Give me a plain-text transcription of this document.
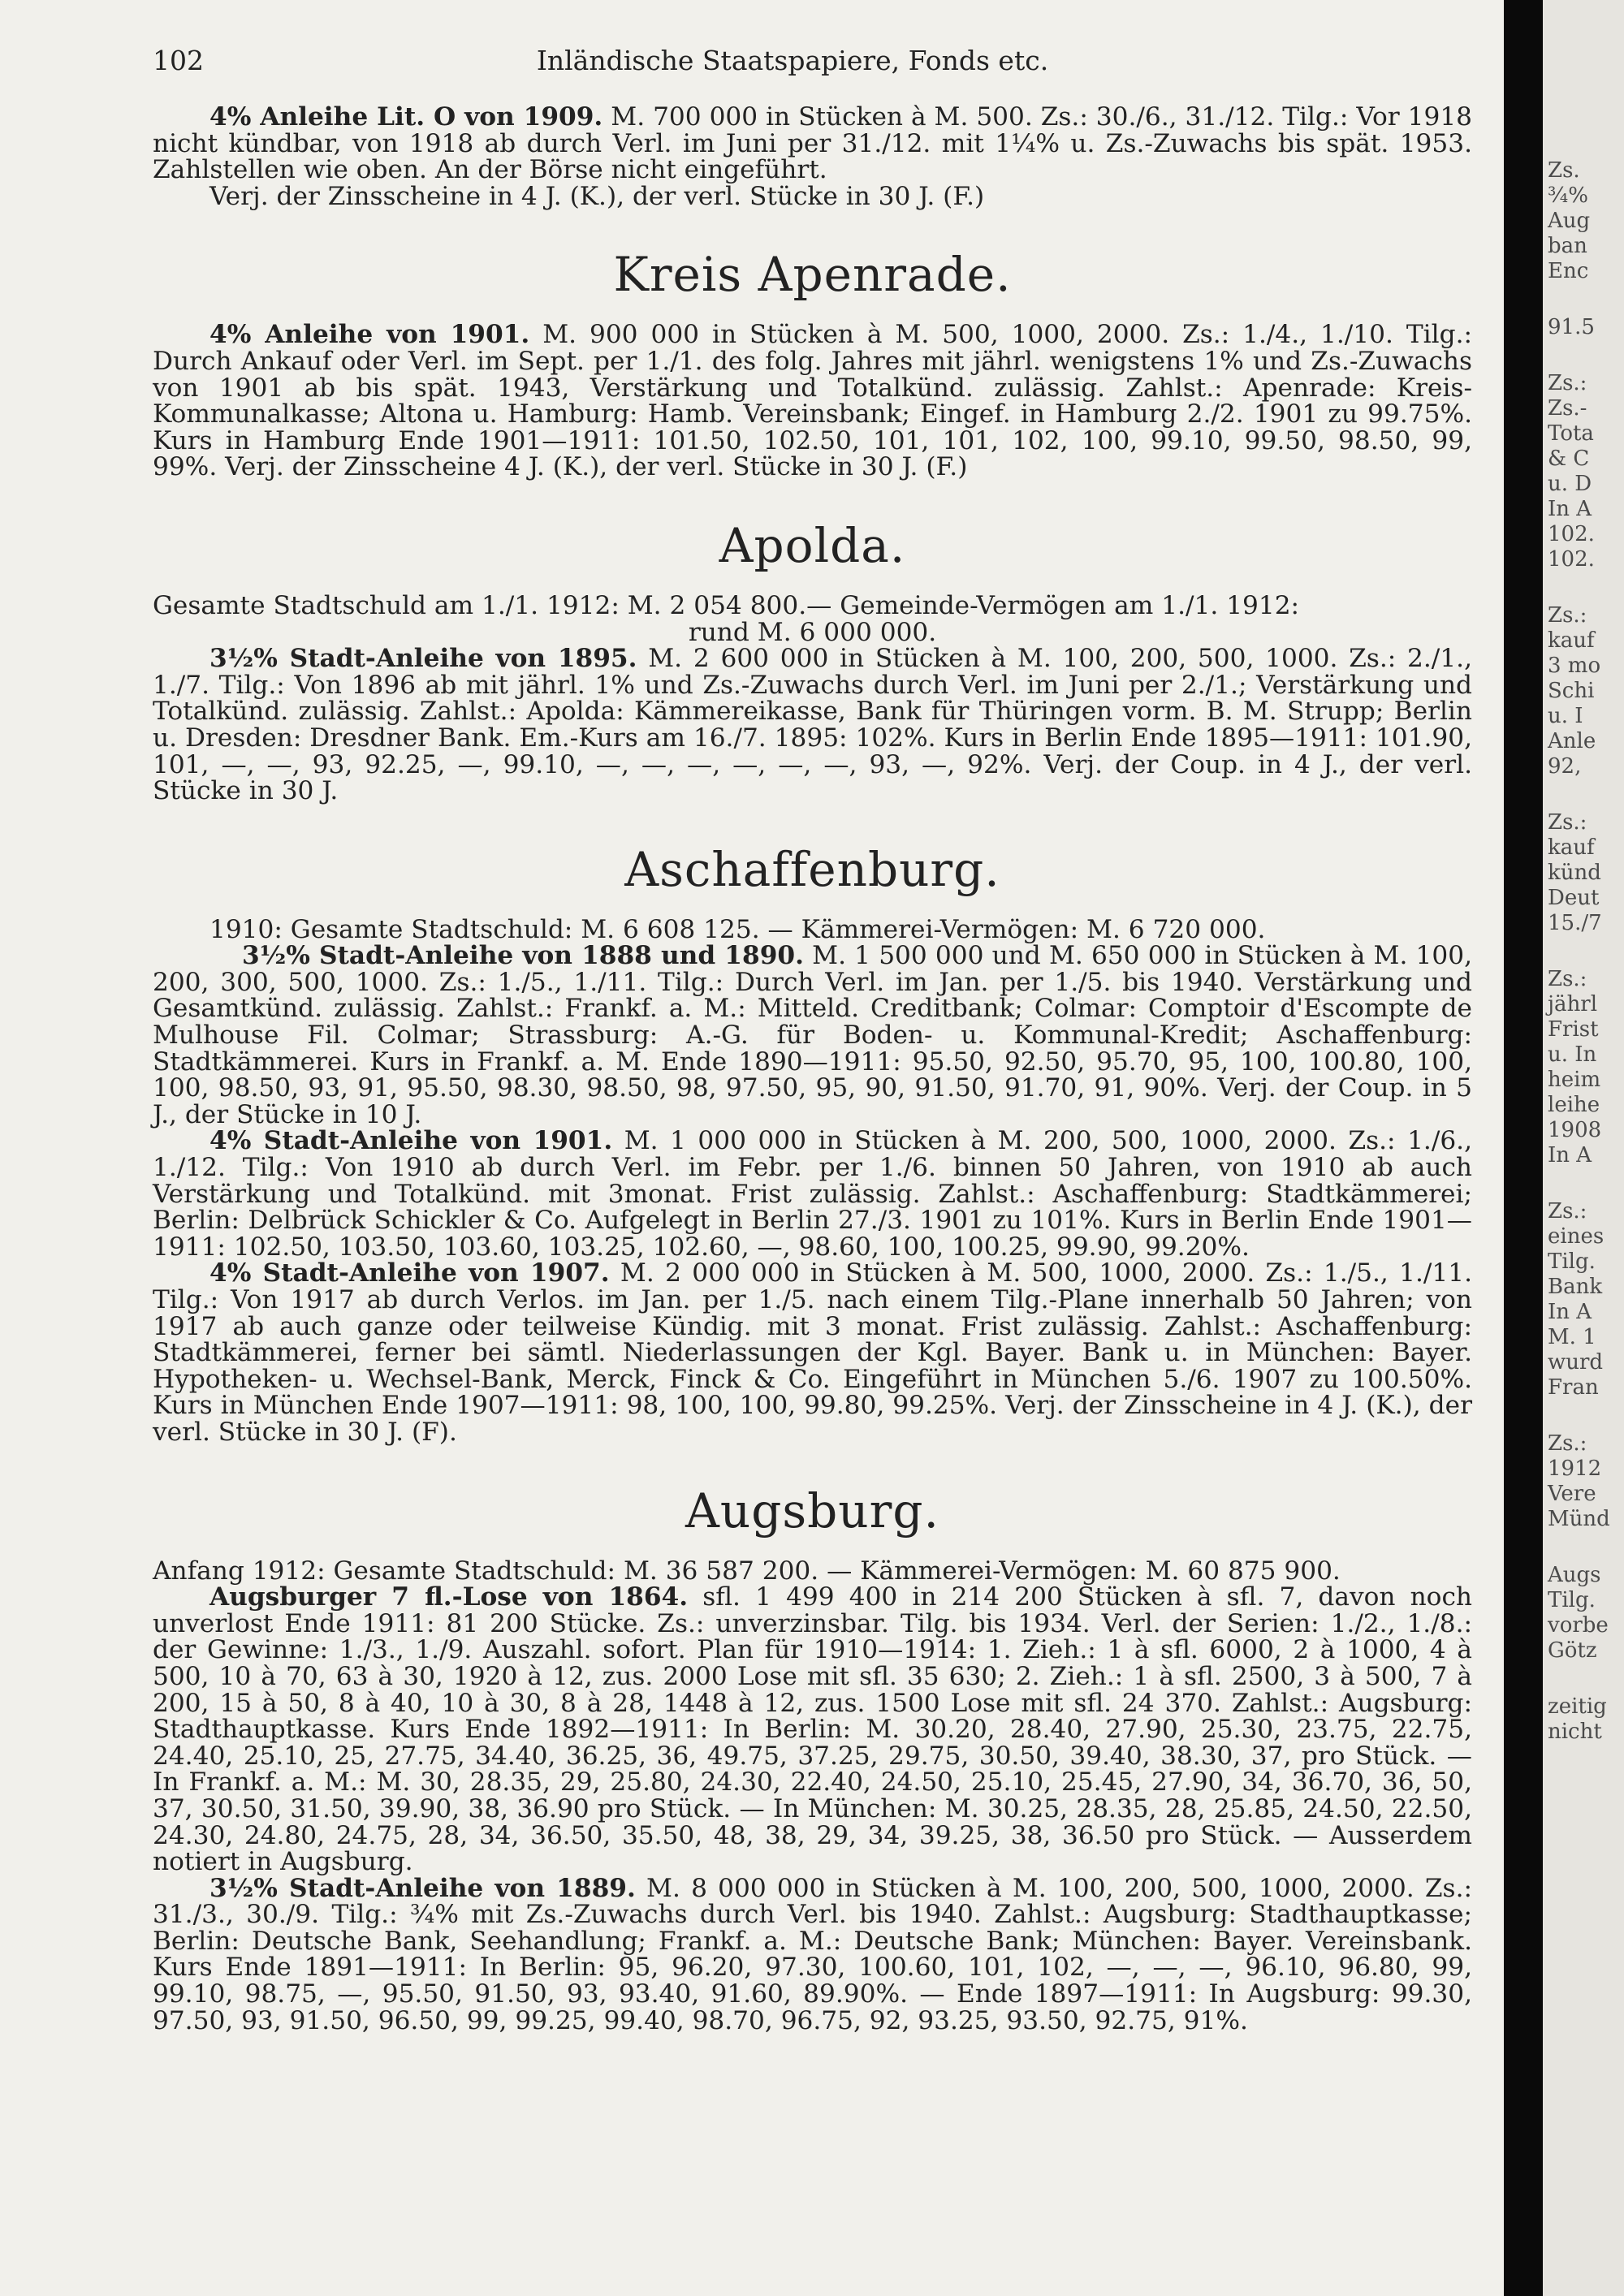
102	Inländische Staatspapiere, Fonds etc.
4% Anleihe Lit. O von 1909. M. 700 000 in Stücken à M. 500. Zs.: 30./6., 31./12. Tilg.: Vor 1918 nicht kündbar, von 1918 ab durch Verl. im Juni per 31./12. mit 1¼% u. Zs.-Zuwachs bis spät. 1953. Zahlstellen wie oben. An der Börse nicht eingeführt.
Verj. der Zinsscheine in 4 J. (K.), der verl. Stücke in 30 J. (F.)
Kreis Apenrade.
4% Anleihe von 1901. M. 900 000 in Stücken à M. 500, 1000, 2000. Zs.: 1./4., 1./10. Tilg.: Durch Ankauf oder Verl. im Sept. per 1./1. des folg. Jahres mit jährl. wenigstens 1% und Zs.-Zuwachs von 1901 ab bis spät. 1943, Verstärkung und Totalkünd. zulässig. Zahlst.: Apenrade: Kreis-Kommunalkasse; Altona u. Hamburg: Hamb. Vereinsbank; Eingef. in Hamburg 2./2. 1901 zu 99.75%. Kurs in Hamburg Ende 1901—1911: 101.50, 102.50, 101, 101, 102, 100, 99.10, 99.50, 98.50, 99, 99%. Verj. der Zinsscheine 4 J. (K.), der verl. Stücke in 30 J. (F.)
Apolda.
Gesamte Stadtschuld am 1./1. 1912: M. 2 054 800.— Gemeinde-Vermögen am 1./1. 1912:
rund M. 6 000 000.
3½% Stadt-Anleihe von 1895. M. 2 600 000 in Stücken à M. 100, 200, 500, 1000. Zs.: 2./1., 1./7. Tilg.: Von 1896 ab mit jährl. 1% und Zs.-Zuwachs durch Verl. im Juni per 2./1.; Verstärkung und Totalkünd. zulässig. Zahlst.: Apolda: Kämmereikasse, Bank für Thüringen vorm. B. M. Strupp; Berlin u. Dresden: Dresdner Bank. Em.-Kurs am 16./7. 1895: 102%. Kurs in Berlin Ende 1895—1911: 101.90, 101, —, —, 93, 92.25, —, 99.10, —, —, —, —, —, —, 93, —, 92%. Verj. der Coup. in 4 J., der verl. Stücke in 30 J.
Aschaffenburg.
1910: Gesamte Stadtschuld: M. 6 608 125. — Kämmerei-Vermögen: M. 6 720 000.
3½% Stadt-Anleihe von 1888 und 1890. M. 1 500 000 und M. 650 000 in Stücken à M. 100, 200, 300, 500, 1000. Zs.: 1./5., 1./11. Tilg.: Durch Verl. im Jan. per 1./5. bis 1940. Verstärkung und Gesamtkünd. zulässig. Zahlst.: Frankf. a. M.: Mitteld. Creditbank; Colmar: Comptoir d'Escompte de Mulhouse Fil. Colmar; Strassburg: A.-G. für Boden- u. Kommunal-Kredit; Aschaffenburg: Stadtkämmerei. Kurs in Frankf. a. M. Ende 1890—1911: 95.50, 92.50, 95.70, 95, 100, 100.80, 100, 100, 98.50, 93, 91, 95.50, 98.30, 98.50, 98, 97.50, 95, 90, 91.50, 91.70, 91, 90%. Verj. der Coup. in 5 J., der Stücke in 10 J.
4% Stadt-Anleihe von 1901. M. 1 000 000 in Stücken à M. 200, 500, 1000, 2000. Zs.: 1./6., 1./12. Tilg.: Von 1910 ab durch Verl. im Febr. per 1./6. binnen 50 Jahren, von 1910 ab auch Verstärkung und Totalkünd. mit 3monat. Frist zulässig. Zahlst.: Aschaffenburg: Stadtkämmerei; Berlin: Delbrück Schickler & Co. Aufgelegt in Berlin 27./3. 1901 zu 101%. Kurs in Berlin Ende 1901—1911: 102.50, 103.50, 103.60, 103.25, 102.60, —, 98.60, 100, 100.25, 99.90, 99.20%.
4% Stadt-Anleihe von 1907. M. 2 000 000 in Stücken à M. 500, 1000, 2000. Zs.: 1./5., 1./11. Tilg.: Von 1917 ab durch Verlos. im Jan. per 1./5. nach einem Tilg.-Plane innerhalb 50 Jahren; von 1917 ab auch ganze oder teilweise Kündig. mit 3 monat. Frist zulässig. Zahlst.: Aschaffenburg: Stadtkämmerei, ferner bei sämtl. Niederlassungen der Kgl. Bayer. Bank u. in München: Bayer. Hypotheken- u. Wechsel-Bank, Merck, Finck & Co. Eingeführt in München 5./6. 1907 zu 100.50%. Kurs in München Ende 1907—1911: 98, 100, 100, 99.80, 99.25%. Verj. der Zinsscheine in 4 J. (K.), der verl. Stücke in 30 J. (F).
Augsburg.
Anfang 1912: Gesamte Stadtschuld: M. 36 587 200. — Kämmerei-Vermögen: M. 60 875 900.
Augsburger 7 fl.-Lose von 1864. sfl. 1 499 400 in 214 200 Stücken à sfl. 7, davon noch unverlost Ende 1911: 81 200 Stücke. Zs.: unverzinsbar. Tilg. bis 1934. Verl. der Serien: 1./2., 1./8.: der Gewinne: 1./3., 1./9. Auszahl. sofort. Plan für 1910—1914: 1. Zieh.: 1 à sfl. 6000, 2 à 1000, 4 à 500, 10 à 70, 63 à 30, 1920 à 12, zus. 2000 Lose mit sfl. 35 630; 2. Zieh.: 1 à sfl. 2500, 3 à 500, 7 à 200, 15 à 50, 8 à 40, 10 à 30, 8 à 28, 1448 à 12, zus. 1500 Lose mit sfl. 24 370. Zahlst.: Augsburg: Stadthauptkasse. Kurs Ende 1892—1911: In Berlin: M. 30.20, 28.40, 27.90, 25.30, 23.75, 22.75, 24.40, 25.10, 25, 27.75, 34.40, 36.25, 36, 49.75, 37.25, 29.75, 30.50, 39.40, 38.30, 37, pro Stück. — In Frankf. a. M.: M. 30, 28.35, 29, 25.80, 24.30, 22.40, 24.50, 25.10, 25.45, 27.90, 34, 36.70, 36, 50, 37, 30.50, 31.50, 39.90, 38, 36.90 pro Stück. — In München: M. 30.25, 28.35, 28, 25.85, 24.50, 22.50, 24.30, 24.80, 24.75, 28, 34, 36.50, 35.50, 48, 38, 29, 34, 39.25, 38, 36.50 pro Stück. — Ausserdem notiert in Augsburg.
3½% Stadt-Anleihe von 1889. M. 8 000 000 in Stücken à M. 100, 200, 500, 1000, 2000. Zs.: 31./3., 30./9. Tilg.: ¾% mit Zs.-Zuwachs durch Verl. bis 1940. Zahlst.: Augsburg: Stadthauptkasse; Berlin: Deutsche Bank, Seehandlung; Frankf. a. M.: Deutsche Bank; München: Bayer. Vereinsbank. Kurs Ende 1891—1911: In Berlin: 95, 96.20, 97.30, 100.60, 101, 102, —, —, —, 96.10, 96.80, 99, 99.10, 98.75, —, 95.50, 91.50, 93, 93.40, 91.60, 89.90%. — Ende 1897—1911: In Augsburg: 99.30, 97.50, 93, 91.50, 96.50, 99, 99.25, 99.40, 98.70, 96.75, 92, 93.25, 93.50, 92.75, 91%.
Zs.
¾%
Aug
ban
Enc
91.5
Zs.:
Zs.-
Tota
& C
u. D
In A
102.
102.
Zs.:
kauf
3 mo
Schi
u. I
Anle
92,
Zs.:
kauf
künd
Deut
15./7
Zs.:
jährl
Frist
u. In
heim
leihe
1908
In A
Zs.:
eines
Tilg.
Bank
In A
M. 1
wurd
Fran
Zs.:
1912
Vere
Münd
Augs
Tilg.
vorbe
Götz
zeitig
nicht
